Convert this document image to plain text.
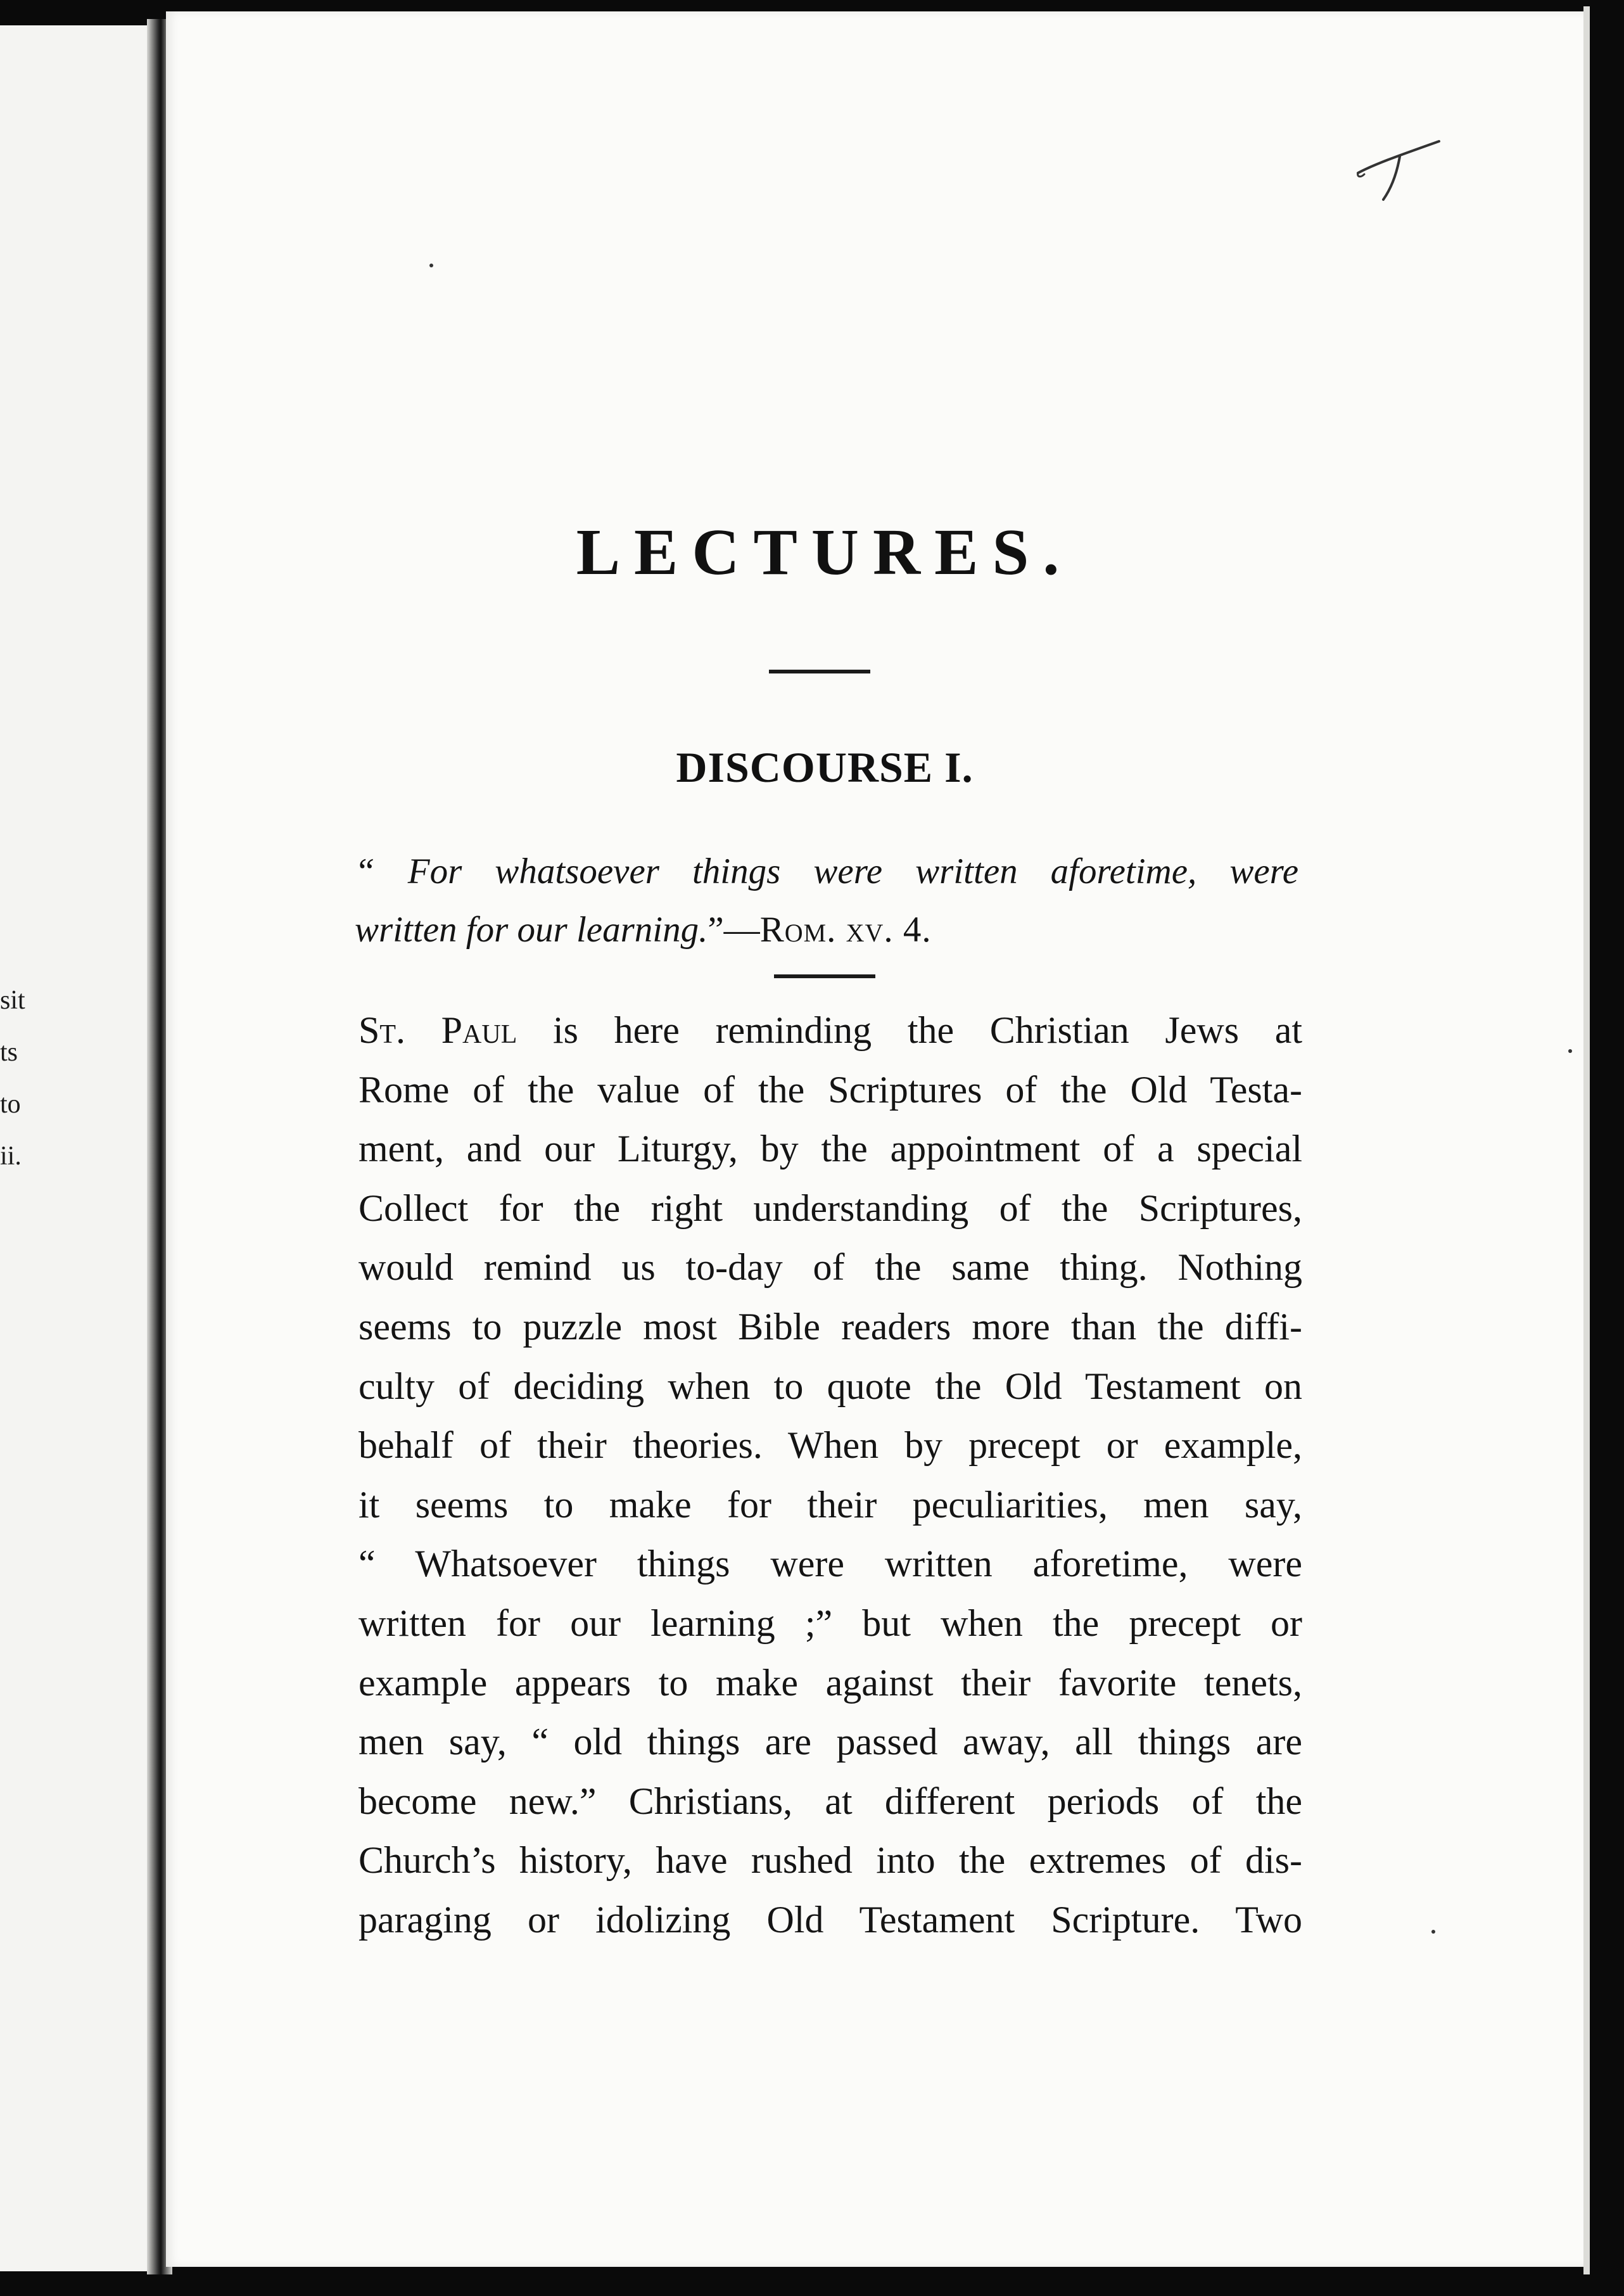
sit

ts

to

ii.

LECTURES.
DISCOURSE I.
“ For whatsoever things were written aforetime, were
written for our learning.”—Rom. xv. 4.
St. Paul is here reminding the Christian Jews at
Rome of the value of the Scriptures of the Old Testa-
ment, and our Liturgy, by the appointment of a special
Collect for the right understanding of the Scriptures,
would remind us to-day of the same thing. Nothing
seems to puzzle most Bible readers more than the diffi-
culty of deciding when to quote the Old Testament on
behalf of their theories. When by precept or example,
it seems to make for their peculiarities, men say,
“ Whatsoever things were written aforetime, were
written for our learning ;” but when the precept or
example appears to make against their favorite tenets,
men say, “ old things are passed away, all things are
become new.” Christians, at different periods of the
Church’s history, have rushed into the extremes of dis-
paraging or idolizing Old Testament Scripture. Two
